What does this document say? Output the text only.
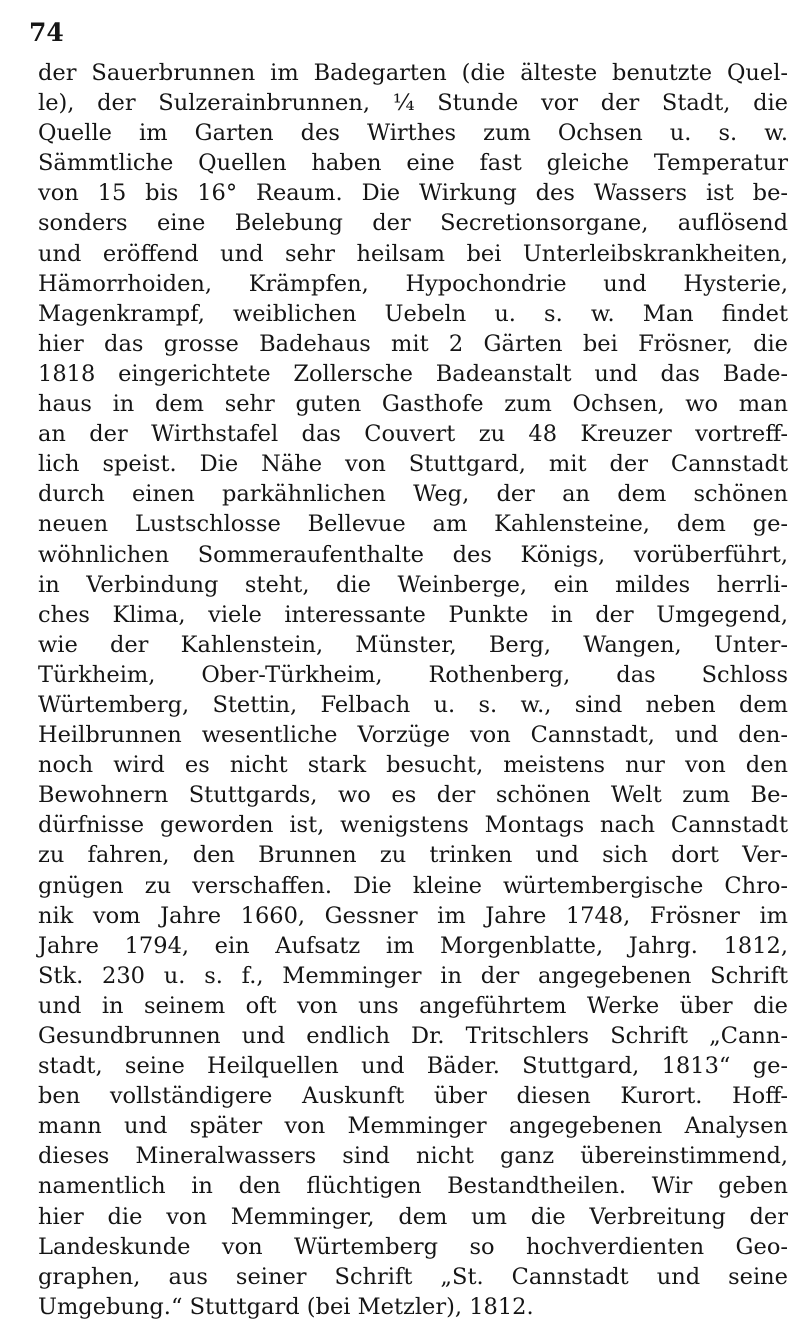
74
der Sauerbrunnen im Badegarten (die älteste benutzte Quel-
le), der Sulzerainbrunnen, ¼ Stunde vor der Stadt, die
Quelle im Garten des Wirthes zum Ochsen u. s. w.
Sämmtliche Quellen haben eine fast gleiche Temperatur
von 15 bis 16° Reaum. Die Wirkung des Wassers ist be-
sonders eine Belebung der Secretionsorgane, auflösend
und eröffend und sehr heilsam bei Unterleibskrankheiten,
Hämorrhoiden, Krämpfen, Hypochondrie und Hysterie,
Magenkrampf, weiblichen Uebeln u. s. w. Man findet
hier das grosse Badehaus mit 2 Gärten bei Frösner, die
1818 eingerichtete Zollersche Badeanstalt und das Bade-
haus in dem sehr guten Gasthofe zum Ochsen, wo man
an der Wirthstafel das Couvert zu 48 Kreuzer vortreff-
lich speist. Die Nähe von Stuttgard, mit der Cannstadt
durch einen parkähnlichen Weg, der an dem schönen
neuen Lustschlosse Bellevue am Kahlensteine, dem ge-
wöhnlichen Sommeraufenthalte des Königs, vorüberführt,
in Verbindung steht, die Weinberge, ein mildes herrli-
ches Klima, viele interessante Punkte in der Umgegend,
wie der Kahlenstein, Münster, Berg, Wangen, Unter-
Türkheim, Ober-Türkheim, Rothenberg, das Schloss
Würtemberg, Stettin, Felbach u. s. w., sind neben dem
Heilbrunnen wesentliche Vorzüge von Cannstadt, und den-
noch wird es nicht stark besucht, meistens nur von den
Bewohnern Stuttgards, wo es der schönen Welt zum Be-
dürfnisse geworden ist, wenigstens Montags nach Cannstadt
zu fahren, den Brunnen zu trinken und sich dort Ver-
gnügen zu verschaffen. Die kleine würtembergische Chro-
nik vom Jahre 1660, Gessner im Jahre 1748, Frösner im
Jahre 1794, ein Aufsatz im Morgenblatte, Jahrg. 1812,
Stk. 230 u. s. f., Memminger in der angegebenen Schrift
und in seinem oft von uns angeführtem Werke über die
Gesundbrunnen und endlich Dr. Tritschlers Schrift „Cann-
stadt, seine Heilquellen und Bäder. Stuttgard, 1813“ ge-
ben vollständigere Auskunft über diesen Kurort. Hoff-
mann und später von Memminger angegebenen Analysen
dieses Mineralwassers sind nicht ganz übereinstimmend,
namentlich in den flüchtigen Bestandtheilen. Wir geben
hier die von Memminger, dem um die Verbreitung der
Landeskunde von Würtemberg so hochverdienten Geo-
graphen, aus seiner Schrift „St. Cannstadt und seine
Umgebung.“ Stuttgard (bei Metzler), 1812.
